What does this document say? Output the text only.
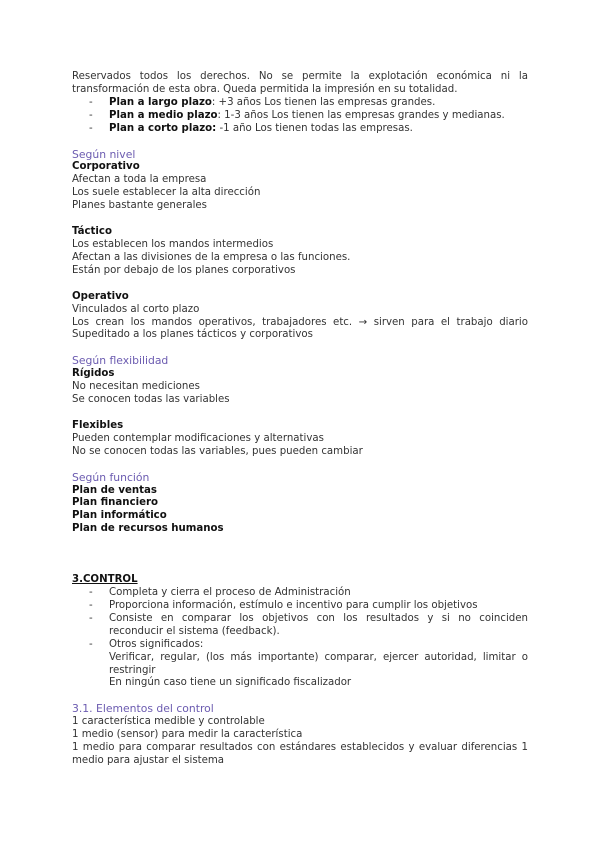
Reservados todos los derechos. No se permite la explotación económica ni la transformación de esta obra. Queda permitida la impresión en su totalidad.

- Plan a largo plazo: +3 años Los tienen las empresas grandes.
- Plan a medio plazo: 1-3 años Los tienen las empresas grandes y medianas.
- Plan a corto plazo: -1 año Los tienen todas las empresas.

Según nivel

Corporativo

Afectan a toda la empresa

Los suele establecer la alta dirección

Planes bastante generales

Táctico

Los establecen los mandos intermedios

Afectan a las divisiones de la empresa o las funciones.

Están por debajo de los planes corporativos

Operativo

Vinculados al corto plazo

Los crean los mandos operativos, trabajadores etc. → sirven para el trabajo diario

Supeditado a los planes tácticos y corporativos

Según flexibilidad

Rígidos

No necesitan mediciones

Se conocen todas las variables

Flexibles

Pueden contemplar modificaciones y alternativas

No se conocen todas las variables, pues pueden cambiar

Según función

Plan de ventas

Plan financiero

Plan informático

Plan de recursos humanos

3.CONTROL

- Completa y cierra el proceso de Administración
- Proporciona información, estímulo e incentivo para cumplir los objetivos
- Consiste en comparar los objetivos con los resultados y si no coinciden reconducir el sistema (feedback).
- Otros significados:
Verificar, regular, (los más importante) comparar, ejercer autoridad, limitar o restringir
En ningún caso tiene un significado fiscalizador

3.1. Elementos del control

1 característica medible y controlable

1 medio (sensor) para medir la característica

1 medio para comparar resultados con estándares establecidos y evaluar diferencias 1 medio para ajustar el sistema
